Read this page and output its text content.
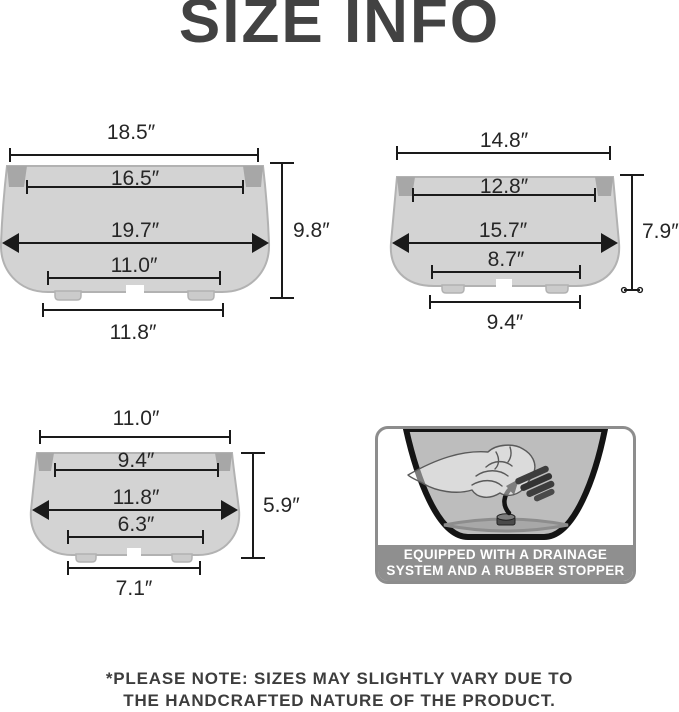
SIZE INFO
18.5″
16.5″
19.7″
11.0″
11.8″
9.8″
14.8″
12.8″
15.7″
8.7″
9.4″
7.9″
11.0″
9.4″
11.8″
6.3″
7.1″
5.9″
EQUIPPED WITH A DRAINAGE
SYSTEM AND A RUBBER STOPPER
*PLEASE NOTE: SIZES MAY SLIGHTLY VARY DUE TO
THE HANDCRAFTED NATURE OF THE PRODUCT.
